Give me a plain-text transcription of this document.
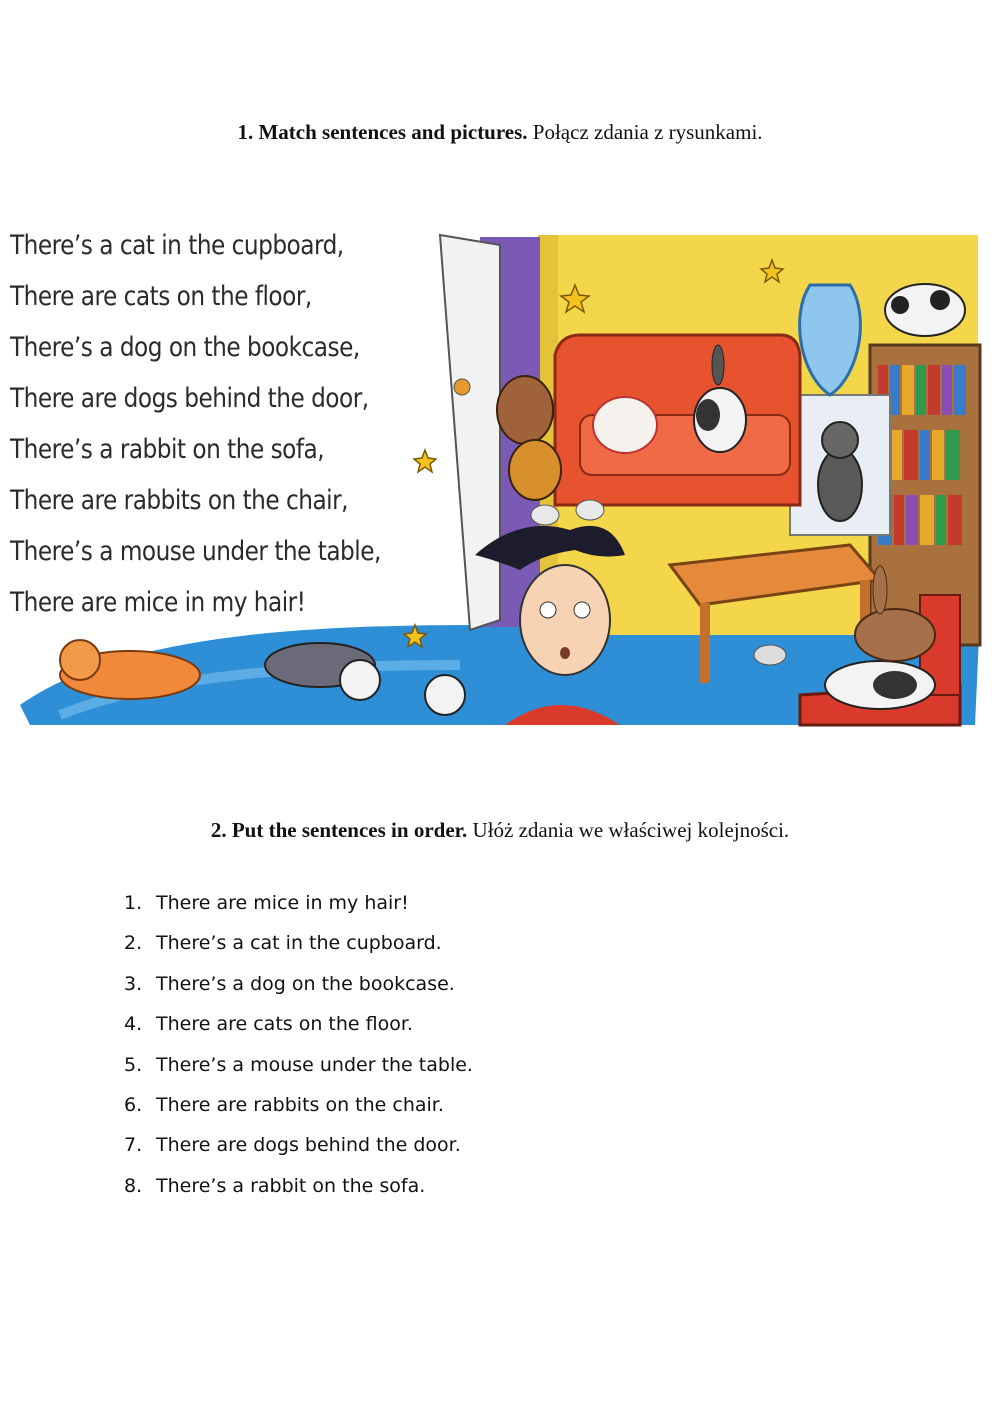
1. Match sentences and pictures. Połącz zdania z rysunkami.
There’s a cat in the cupboard,
There are cats on the floor,
There’s a dog on the bookcase,
There are dogs behind the door,
There’s a rabbit on the sofa,
There are rabbits on the chair,
There’s a mouse under the table,
There are mice in my hair!
2. Put the sentences in order. Ułóż zdania we właściwej kolejności.
1. There are mice in my hair!
2. There’s a cat in the cupboard.
3. There’s a dog on the bookcase.
4. There are cats on the floor.
5. There’s a mouse under the table.
6. There are rabbits on the chair.
7. There are dogs behind the door.
8. There’s a rabbit on the sofa.
